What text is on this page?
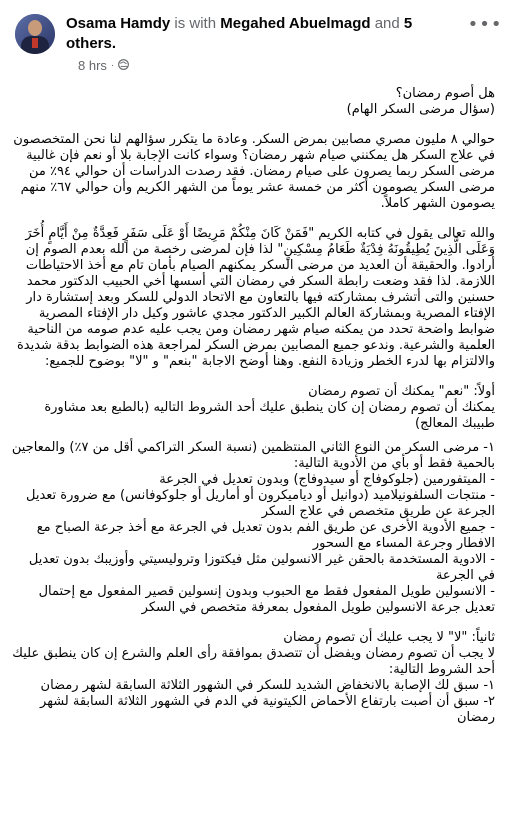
Osama Hamdy is with Megahed Abuelmagd and 5 others.
8 hrs ·
•••

هل أصوم رمضان؟

(سؤال مرضى السكر الهام)

حوالي ٨ مليون مصري مصابين بمرض السكر. وعادة ما يتكرر سؤالهم لنا نحن المتخصصون في علاج السكر هل يمكنني صيام شهر رمضان؟ وسواء كانت الإجابة بلا أو نعم فإن غالبية مرضى السكر ربما يصرون على صيام رمضان. فقد رصدت الدراسات أن حوالي ٩٤٪ من مرضى السكر يصومون أكثر من خمسة عشر يوماً من الشهر الكريم وأن حوالي ٦٧٪ منهم يصومون الشهر كاملاً.

والله تعالى يقول في كتابه الكريم "فَمَنْ كَانَ مِنْكُمْ مَرِيضًا أَوْ عَلَى سَفَرٍ فَعِدَّةٌ مِنْ أَيَّامٍ أُخَرَ وَعَلَى الَّذِينَ يُطِيقُونَهُ فِدْيَةٌ طَعَامُ مِسْكِينٍ" لذا فإن لمرضى رخصة من الله بعدم الصوم إن أرادوا. والحقيقة أن العديد من مرضى السكر يمكنهم الصيام بأمان تام مع أخذ الاحتياطات اللازمة. لذا فقد وضعت رابطة السكر في رمضان التي أسسها أخي الحبيب الدكتور محمد حسنين والتى أتشرف بمشاركته فيها بالتعاون مع الاتحاد الدولي للسكر وبعد إستشارة دار الإفتاء المصرية وبمشاركة العالم الكبير الدكتور مجدي عاشور وكيل دار الإفتاء المصرية ضوابط واضحة تحدد من يمكنه صيام شهر رمضان ومن يجب عليه عدم صومه من الناحية العلمية والشرعية. وندعو جميع المصابين بمرض السكر لمراجعة هذه الضوابط بدقة شديدة والالتزام بها لدرء الخطر وزيادة النفع. وهنا أوضح الاجابة "بنعم" و "لا" بوضوح للجميع:

أولاً: "نعم" يمكنك أن تصوم رمضان

يمكنك أن تصوم رمضان إن كان ينطبق عليك أحد الشروط التاليه (بالطبع بعد مشاورة طبيبك المعالج)

١- مرضى السكر من النوع الثاني المنتظمين (نسبة السكر التراكمي أقل من ٧٪) والمعاجين بالحمية فقط أو بأي من الأدوية التالية:

- الميتفورمين (جلوكوفاج أو سيدوفاج) وبدون تعديل في الجرعة

- منتجات السلفونيلاميد (دوانيل أو دياميكرون أو أماريل أو جلوكوفانس) مع ضرورة تعديل الجرعة عن طريق متخصص في علاج السكر

- جميع الأدوية الأخرى عن طريق الفم بدون تعديل في الجرعة مع أخذ جرعة الصباح مع الافطار وجرعة المساء مع السحور

- الادوية المستخدمة بالحقن غير الانسولين مثل فيكتوزا وتروليسيتي وأوزيبك بدون تعديل في الجرعة

- الانسولين طويل المفعول فقط مع الحبوب وبدون إنسولين قصير المفعول مع إحتمال تعديل جرعة الانسولين طويل المفعول بمعرفة متخصص في السكر

ثانياً: "لا" لا يجب عليك أن تصوم رمضان

لا يجب أن تصوم رمضان ويفضل أن تتصدق بموافقة رأى العلم والشرع إن كان ينطبق عليك أحد الشروط التالية:

١- سبق لك الإصابة بالانخفاض الشديد للسكر في الشهور الثلاثة السابقة لشهر رمضان

٢- سبق أن أصبت بارتفاع الأحماض الكيتونية في الدم في الشهور الثلاثة السابقة لشهر رمضان
